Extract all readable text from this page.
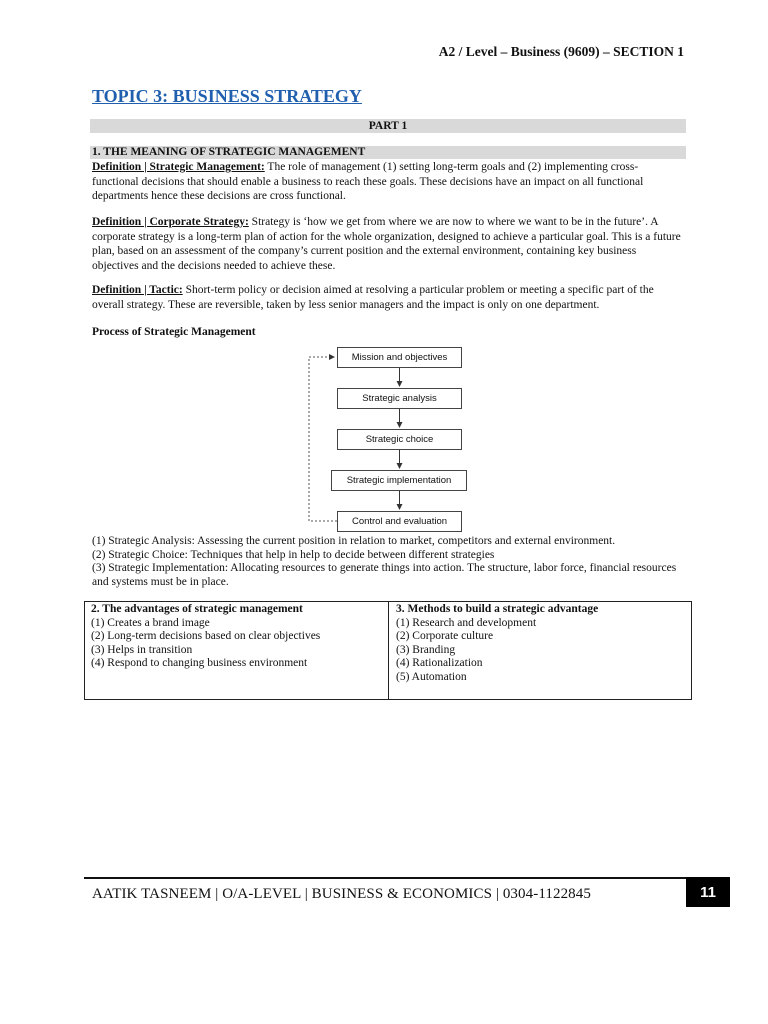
A2 / Level – Business (9609) – SECTION 1
TOPIC 3: BUSINESS STRATEGY
PART 1
1. THE MEANING OF STRATEGIC MANAGEMENT
Definition | Strategic Management: The role of management (1) setting long-term goals and (2) implementing cross-functional decisions that should enable a business to reach these goals. These decisions have an impact on all functional departments hence these decisions are cross functional.
Definition | Corporate Strategy: Strategy is ‘how we get from where we are now to where we want to be in the future’. A corporate strategy is a long-term plan of action for the whole organization, designed to achieve a particular goal. This is a future plan, based on an assessment of the company’s current position and the external environment, containing key business objectives and the decisions needed to achieve these.
Definition | Tactic: Short-term policy or decision aimed at resolving a particular problem or meeting a specific part of the overall strategy. These are reversible, taken by less senior managers and the impact is only on one department.
Process of Strategic Management
Mission and objectives
Strategic analysis
Strategic choice
Strategic implementation
Control and evaluation
(1) Strategic Analysis: Assessing the current position in relation to market, competitors and external environment.
(2) Strategic Choice: Techniques that help in help to decide between different strategies
(3) Strategic Implementation: Allocating resources to generate things into action. The structure, labor force, financial resources and systems must be in place.
2. The advantages of strategic management
(1) Creates a brand image
(2) Long-term decisions based on clear objectives
(3) Helps in transition
(4) Respond to changing business environment
3. Methods to build a strategic advantage
(1) Research and development
(2) Corporate culture
(3) Branding
(4) Rationalization
(5) Automation
AATIK TASNEEM | O/A-LEVEL | BUSINESS & ECONOMICS | 0304-1122845	11
